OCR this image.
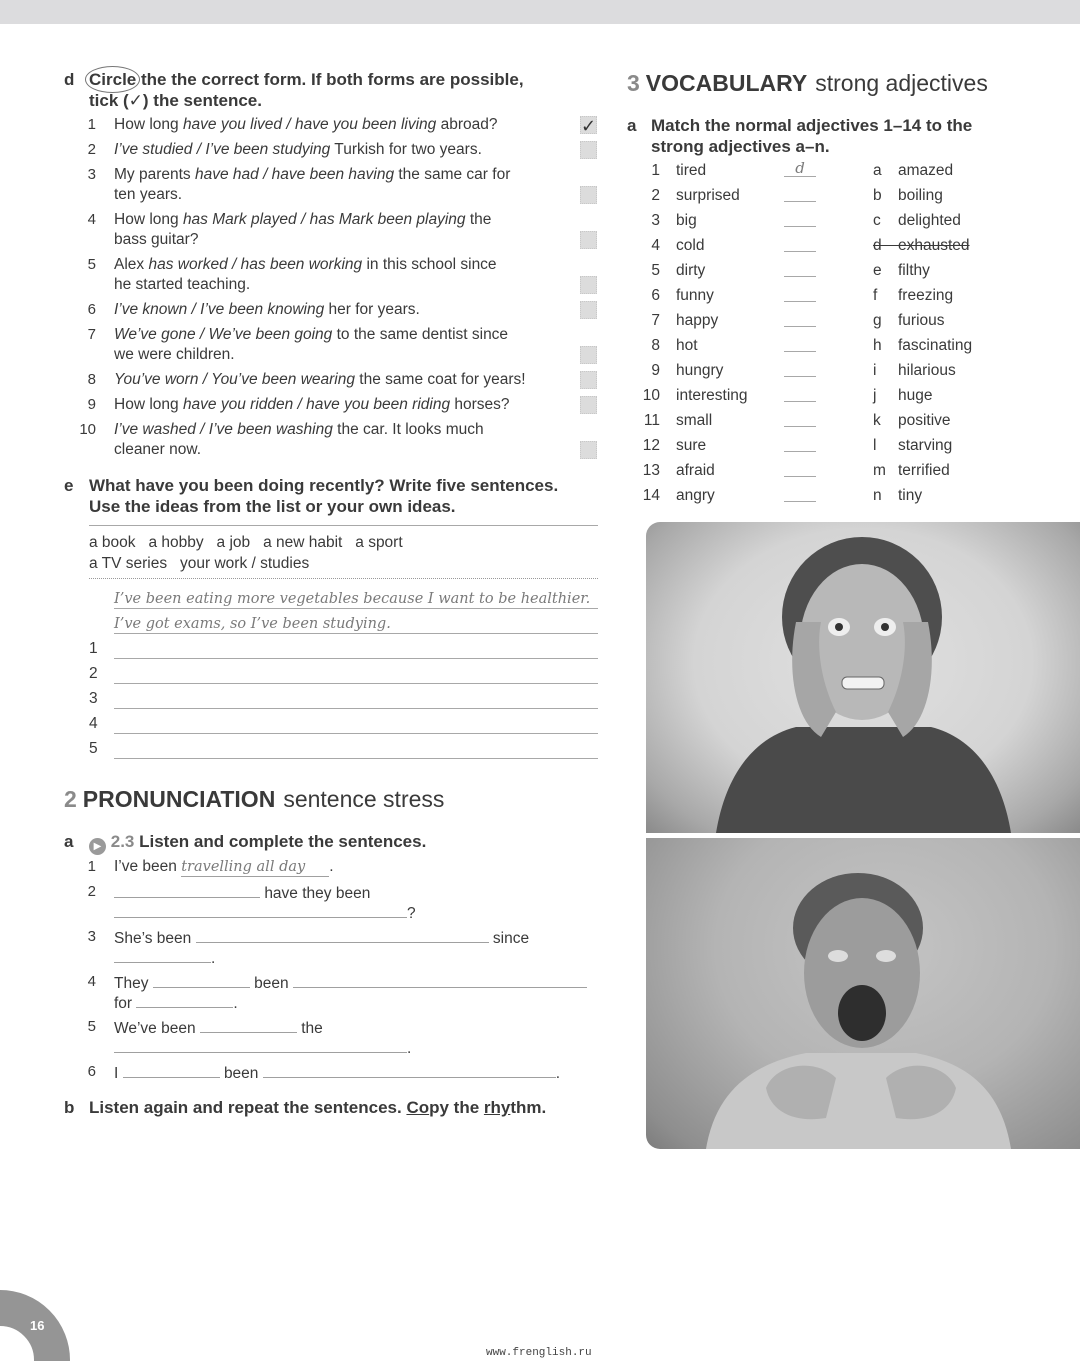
d Circle the the correct form. If both forms are possible,
tick (✓) the sentence.
1 How long have you lived / have you been living abroad?	✓
2 I’ve studied / I’ve been studying Turkish for two years.
3 My parents have had / have been having the same car for
ten years.
4 How long has Mark played / has Mark been playing the
bass guitar?
5 Alex has worked / has been working in this school since
he started teaching.
6 I’ve known / I’ve been knowing her for years.
7 We’ve gone / We’ve been going to the same dentist since
we were children.
8 You’ve worn / You’ve been wearing the same coat for years!
9 How long have you ridden / have you been riding horses?
10 I’ve washed / I’ve been washing the car. It looks much
cleaner now.
e What have you been doing recently? Write five sentences.
Use the ideas from the list or your own ideas.
a book   a hobby   a job   a new habit   a sport
a TV series   your work / studies
I’ve been eating more vegetables because I want to be healthier.
I’ve got exams, so I’ve been studying.
1
2
3
4
5
2 PRONUNCIATION sentence stress
a	▶ 2.3 Listen and complete the sentences.
1 I’ve been travelling all day .
2	have they been
?
3 She’s been	since
.
4 They	been
for	.
5 We’ve been	the
.
6 I	been	.
b Listen again and repeat the sentences. Copy the rhythm.
3 VOCABULARY strong adjectives
a Match the normal adjectives 1–14 to the
strong adjectives a–n.
1 tired	d	a amazed
2 surprised	b boiling
3 big	c delighted
4 cold	d exhausted
5 dirty	e filthy
6 funny	f freezing
7 happy	g furious
8 hot	h fascinating
9 hungry	i hilarious
10 interesting	j huge
11 small	k positive
12 sure	l starving
13 afraid	m terrified
14 angry	n tiny
16
www.frenglish.ru
